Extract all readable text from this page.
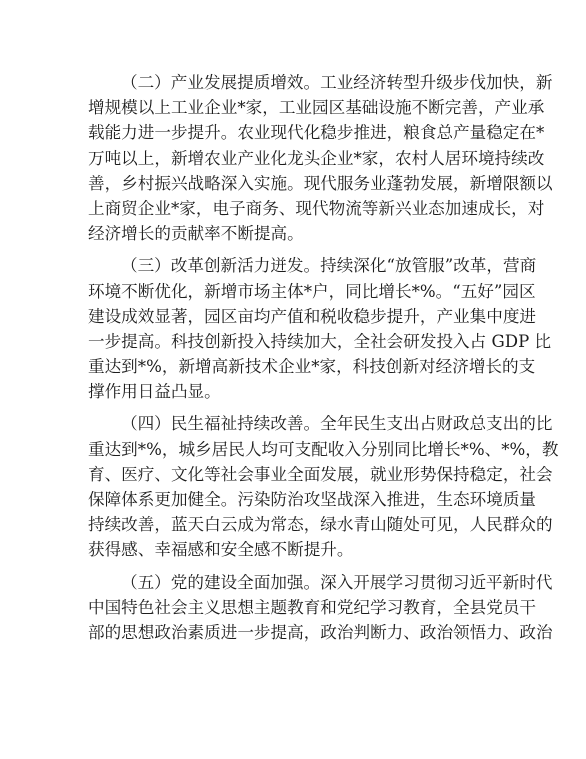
（二）产业发展提质增效。工业经济转型升级步伐加快，新
增规模以上工业企业*家，工业园区基础设施不断完善，产业承
载能力进一步提升。农业现代化稳步推进，粮食总产量稳定在*
万吨以上，新增农业产业化龙头企业*家，农村人居环境持续改
善，乡村振兴战略深入实施。现代服务业蓬勃发展，新增限额以
上商贸企业*家，电子商务、现代物流等新兴业态加速成长，对
经济增长的贡献率不断提高。
（三）改革创新活力迸发。持续深化“放管服”改革，营商
环境不断优化，新增市场主体*户，同比增长*%。“五好”园区
建设成效显著，园区亩均产值和税收稳步提升，产业集中度进
一步提高。科技创新投入持续加大，全社会研发投入占 GDP 比
重达到*%，新增高新技术企业*家，科技创新对经济增长的支
撑作用日益凸显。
（四）民生福祉持续改善。全年民生支出占财政总支出的比
重达到*%，城乡居民人均可支配收入分别同比增长*%、*%，教
育、医疗、文化等社会事业全面发展，就业形势保持稳定，社会
保障体系更加健全。污染防治攻坚战深入推进，生态环境质量
持续改善，蓝天白云成为常态，绿水青山随处可见，人民群众的
获得感、幸福感和安全感不断提升。
（五）党的建设全面加强。深入开展学习贯彻习近平新时代
中国特色社会主义思想主题教育和党纪学习教育，全县党员干
部的思想政治素质进一步提高，政治判断力、政治领悟力、政治
